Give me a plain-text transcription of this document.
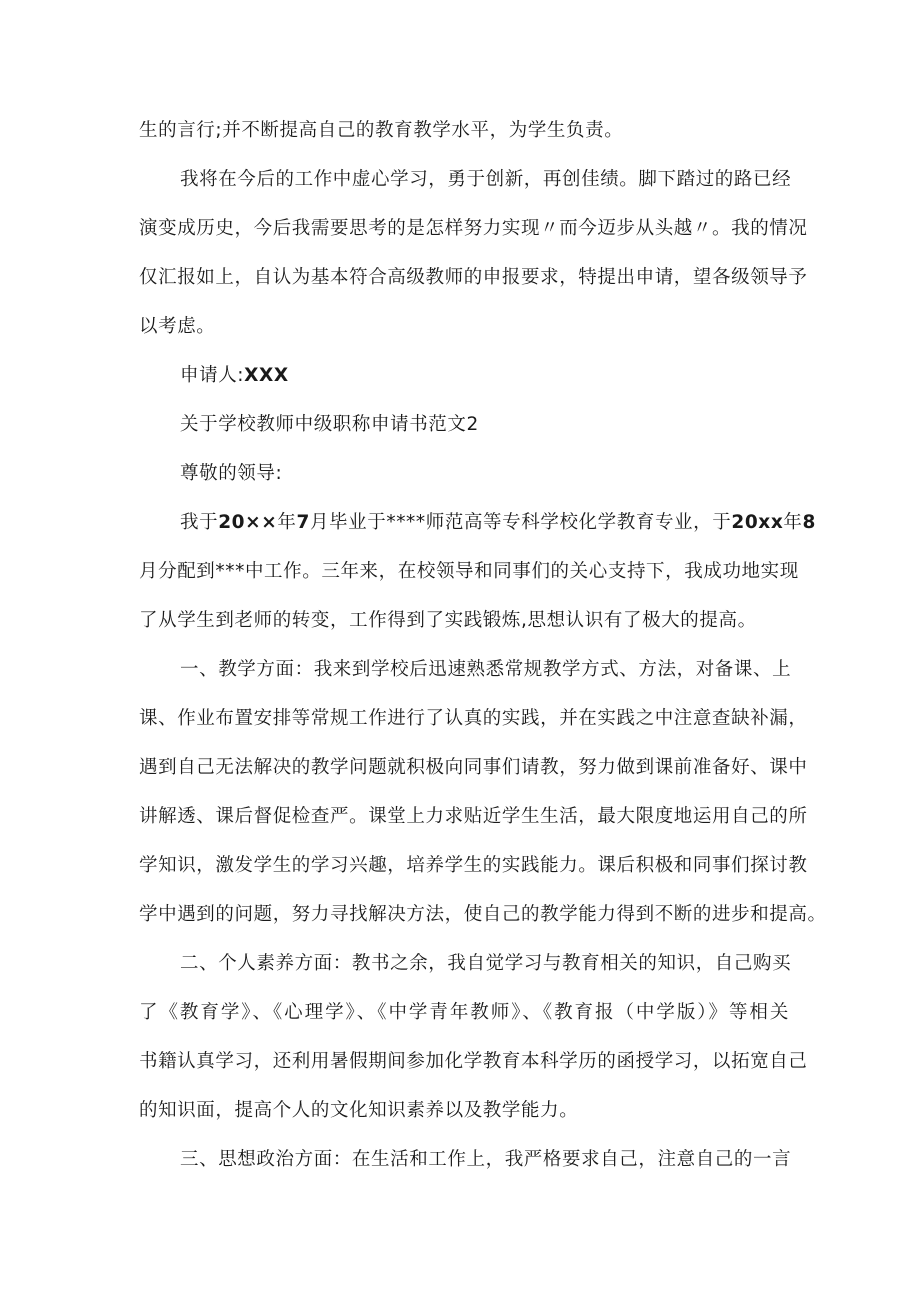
生的言行;并不断提高自己的教育教学水平，为学生负责。
我将在今后的工作中虚心学习，勇于创新，再创佳绩。脚下踏过的路已经
演变成历史，今后我需要思考的是怎样努力实现〃而今迈步从头越〃。我的情况
仅汇报如上，自认为基本符合高级教师的申报要求，特提出申请，望各级领导予
以考虑。
申请人:XXX
关于学校教师中级职称申请书范文2
尊敬的领导:
我于20××年7月毕业于****师范高等专科学校化学教育专业，于20xx年8
月分配到***中工作。三年来，在校领导和同事们的关心支持下，我成功地实现
了从学生到老师的转变，工作得到了实践锻炼,思想认识有了极大的提高。
一、教学方面：我来到学校后迅速熟悉常规教学方式、方法，对备课、上
课、作业布置安排等常规工作进行了认真的实践，并在实践之中注意查缺补漏，
遇到自己无法解决的教学问题就积极向同事们请教，努力做到课前准备好、课中
讲解透、课后督促检查严。课堂上力求贴近学生生活，最大限度地运用自己的所
学知识，激发学生的学习兴趣，培养学生的实践能力。课后积极和同事们探讨教
学中遇到的问题，努力寻找解决方法，使自己的教学能力得到不断的进步和提高。
二、个人素养方面：教书之余，我自觉学习与教育相关的知识，自己购买
了《教育学》、《心理学》、《中学青年教师》、《教育报（中学版）》等相关
书籍认真学习，还利用暑假期间参加化学教育本科学历的函授学习，以拓宽自己
的知识面，提高个人的文化知识素养以及教学能力。
三、思想政治方面：在生活和工作上，我严格要求自己，注意自己的一言
